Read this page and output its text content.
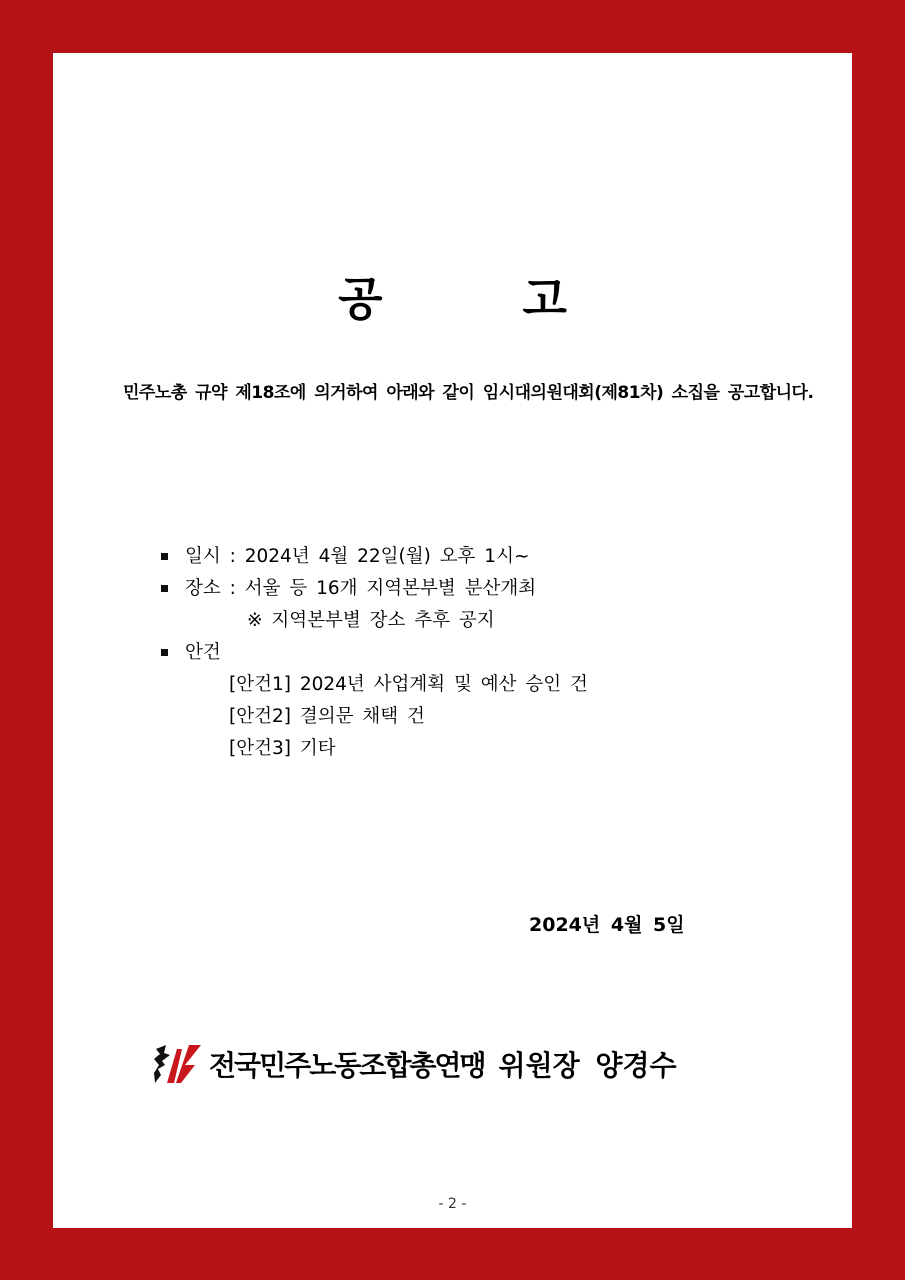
공	고
민주노총 규약 제18조에 의거하여 아래와 같이 임시대의원대회(제81차) 소집을 공고합니다.
일시 : 2024년 4월 22일(월) 오후 1시~
장소 : 서울 등 16개 지역본부별 분산개최
※ 지역본부별 장소 추후 공지
안건
[안건1] 2024년 사업계획 및 예산 승인 건
[안건2] 결의문 채택 건
[안건3] 기타
2024년 4월 5일
전국민주노동조합총연맹 위원장 양경수
- 2 -
